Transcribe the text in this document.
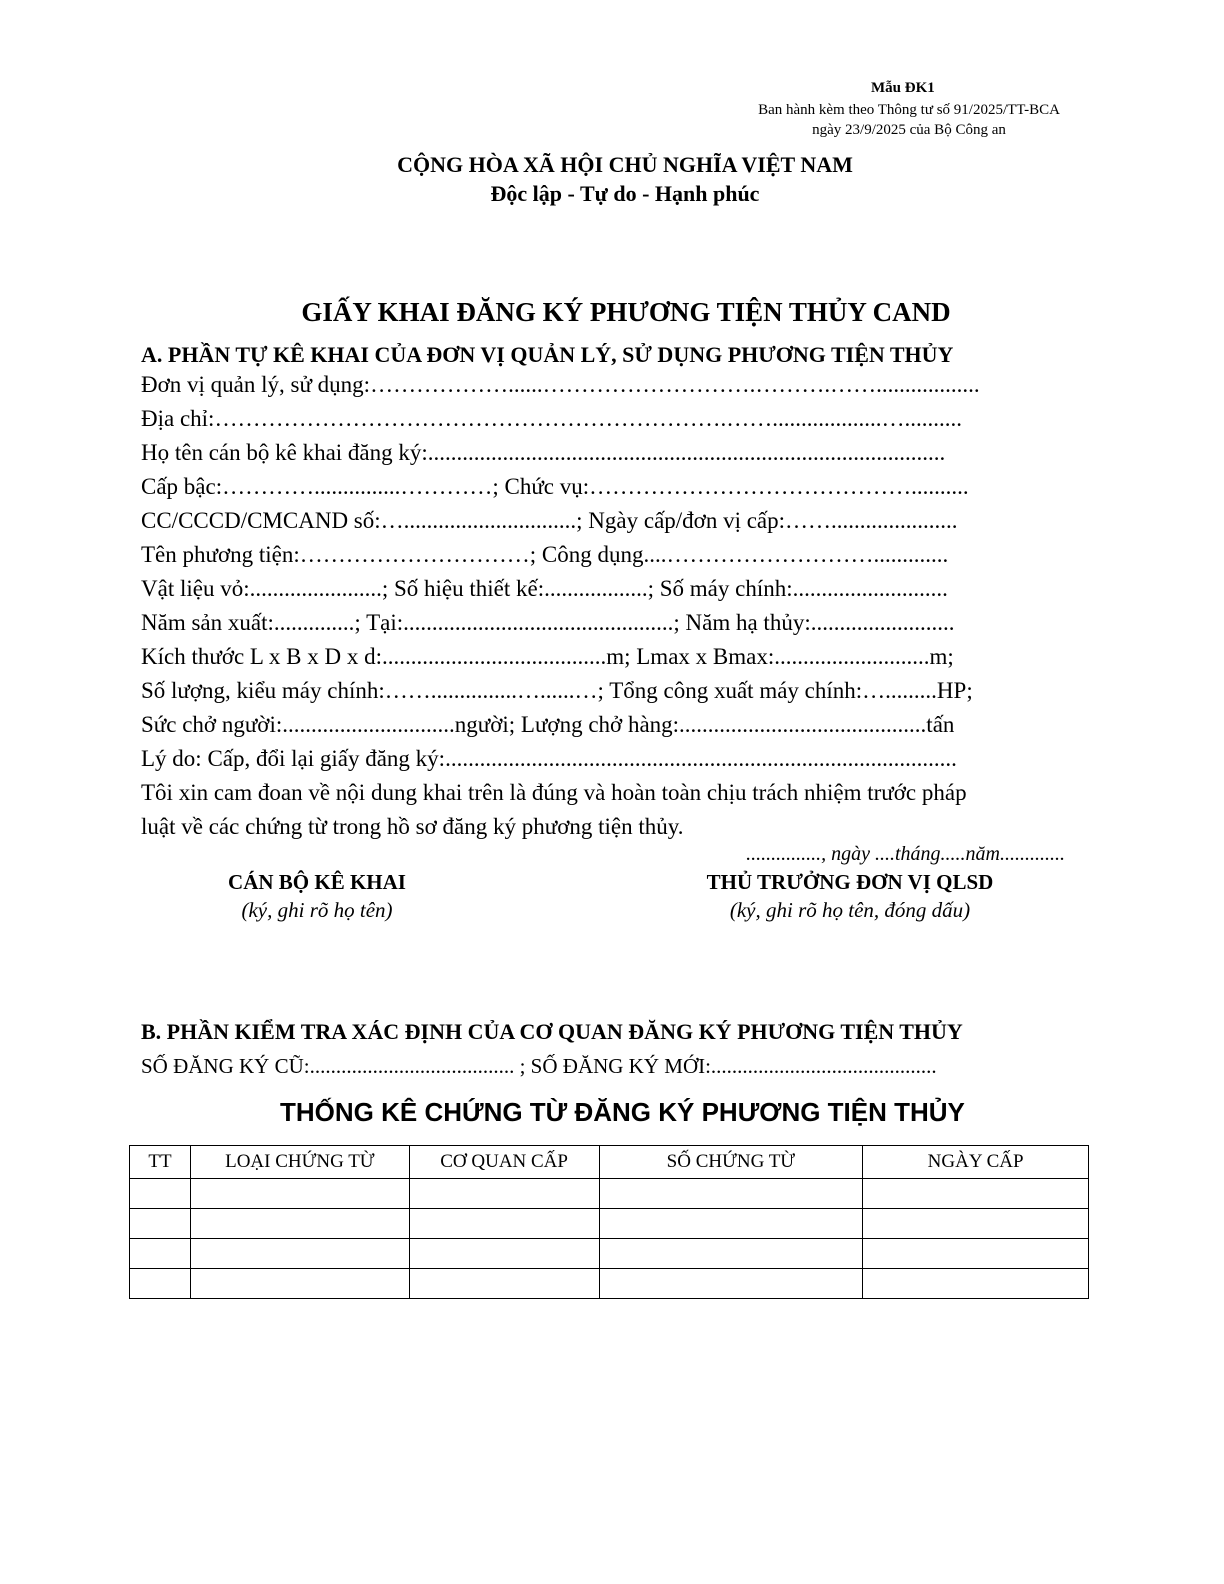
Mẫu ĐK1
Ban hành kèm theo Thông tư số 91/2025/TT-BCA
ngày 23/9/2025 của Bộ Công an
CỘNG HÒA XÃ HỘI CHỦ NGHĨA VIỆT NAM
Độc lập - Tự do - Hạnh phúc
GIẤY KHAI ĐĂNG KÝ PHƯƠNG TIỆN THỦY CAND
A. PHẦN TỰ KÊ KHAI CỦA ĐƠN VỊ QUẢN LÝ, SỬ DỤNG PHƯƠNG TIỆN THỦY
Đơn vị quản lý, sử dụng:………………......……………………….……….……..................
Địa chỉ:………………………………………………………….……...................…..........
Họ tên cán bộ kê khai đăng ký:..........................................................................................
Cấp bậc:…………...............…………; Chức vụ:……………………………………..........
CC/CCCD/CMCAND số:…..............................; Ngày cấp/đơn vị cấp:……......................
Tên phương tiện:…………………………; Công dụng....……………………….............
Vật liệu vỏ:.......................; Số hiệu thiết kế:..................; Số máy chính:...........................
Năm sản xuất:..............; Tại:...............................................; Năm hạ thủy:.........................
Kích thước L x B x D x d:.......................................m; Lmax x Bmax:...........................m;
Số lượng, kiểu máy chính:……...............…......…; Tổng công xuất máy chính:….........HP;
Sức chở người:..............................người; Lượng chở hàng:...........................................tấn
Lý do: Cấp, đổi lại giấy đăng ký:.........................................................................................
Tôi xin cam đoan về nội dung khai trên là đúng và hoàn toàn chịu trách nhiệm trước pháp
luật về các chứng từ trong hồ sơ đăng ký phương tiện thủy.
..............., ngày ....tháng.....năm.............
CÁN BỘ KÊ KHAI
(ký, ghi rõ họ tên)
THỦ TRƯỞNG ĐƠN VỊ QLSD
(ký, ghi rõ họ tên, đóng dấu)
B. PHẦN KIỂM TRA XÁC ĐỊNH CỦA CƠ QUAN ĐĂNG KÝ PHƯƠNG TIỆN THỦY
SỐ ĐĂNG KÝ CŨ:....................................... ; SỐ ĐĂNG KÝ MỚI:...........................................
THỐNG KÊ CHỨNG TỪ ĐĂNG KÝ PHƯƠNG TIỆN THỦY
TT	LOẠI CHỨNG TỪ	CƠ QUAN CẤP	SỐ CHỨNG TỪ	NGÀY CẤP
